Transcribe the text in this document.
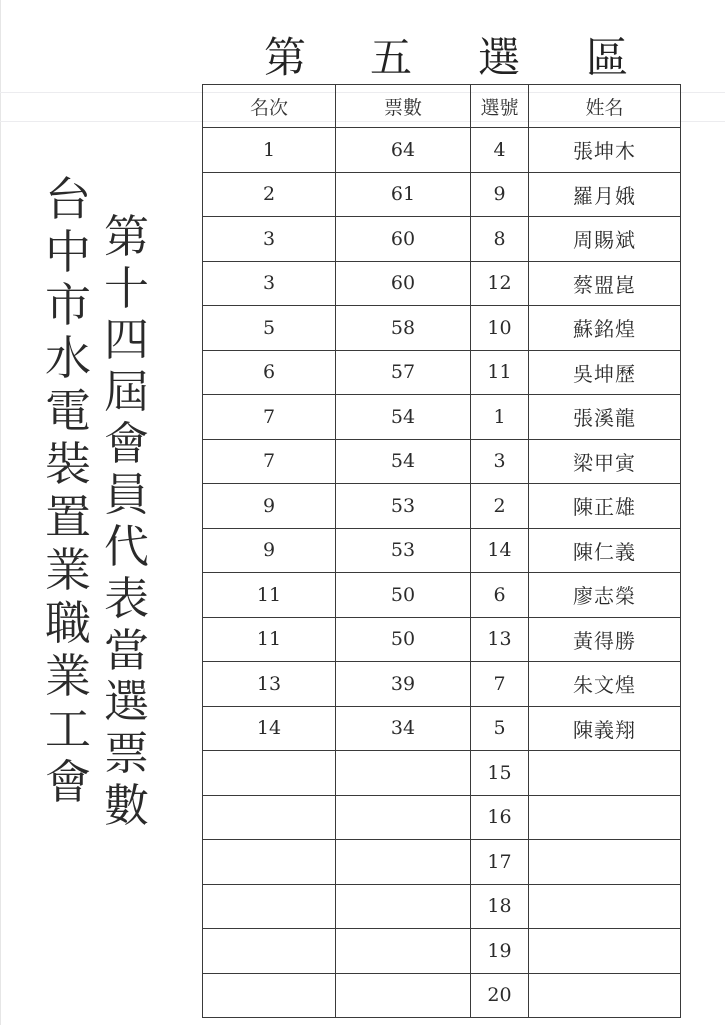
第 五 選 區
台
中
市
水
電
裝
置
業
職
業
工
會
第
十
四
屆
會
員
代
表
當
選
票
數
名次	票數	選號	姓名
1	64	4	張坤木
2	61	9	羅月娥
3	60	8	周賜斌
3	60	12	蔡盟崑
5	58	10	蘇銘煌
6	57	11	吳坤歷
7	54	1	張溪龍
7	54	3	梁甲寅
9	53	2	陳正雄
9	53	14	陳仁義
11	50	6	廖志榮
11	50	13	黃得勝
13	39	7	朱文煌
14	34	5	陳義翔
		15	
		16	
		17	
		18	
		19	
		20	
